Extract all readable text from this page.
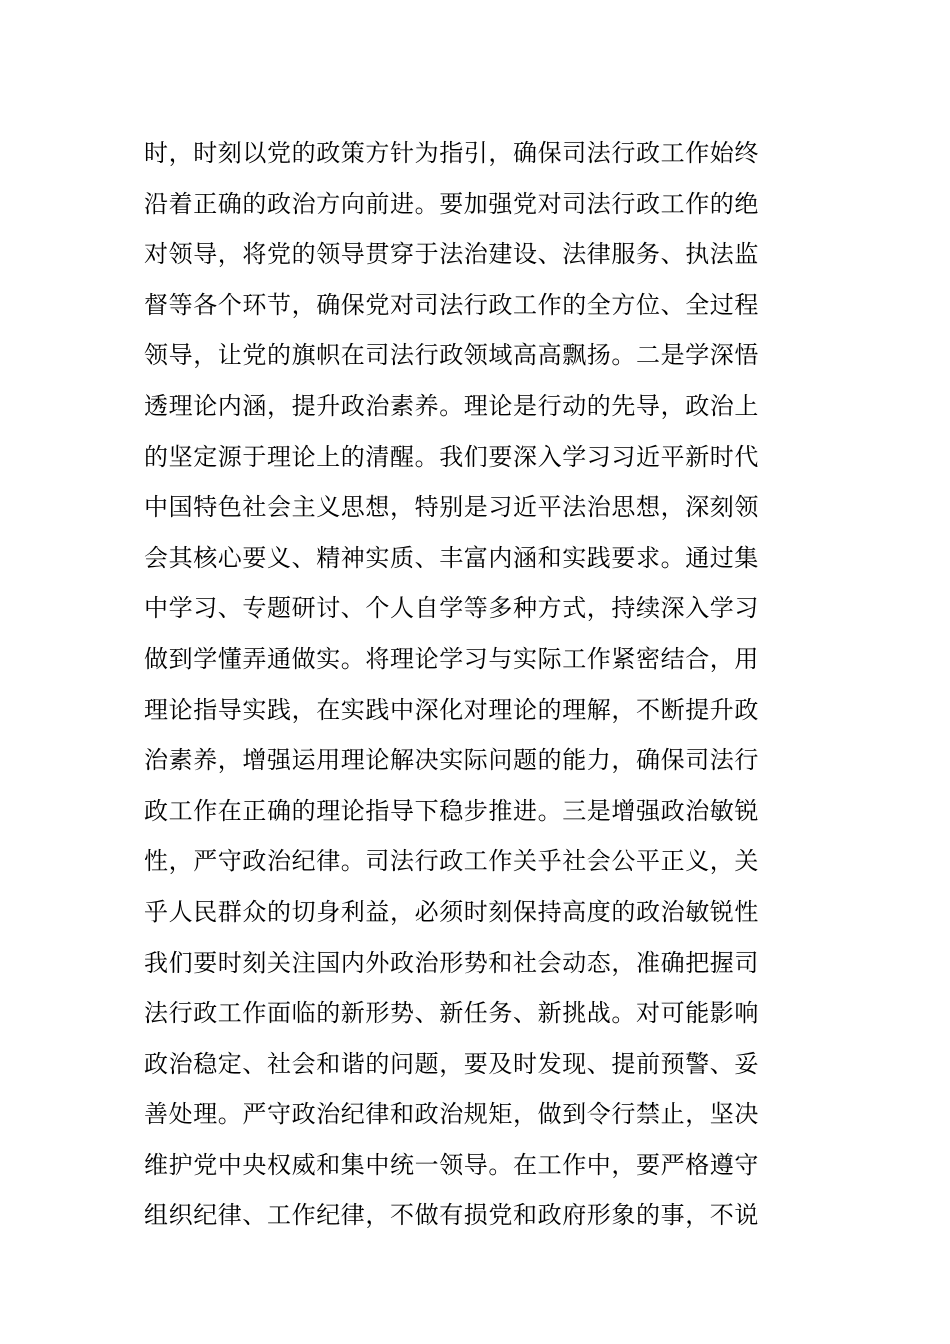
时，时刻以党的政策方针为指引，确保司法行政工作始终
沿着正确的政治方向前进。要加强党对司法行政工作的绝
对领导，将党的领导贯穿于法治建设、法律服务、执法监
督等各个环节，确保党对司法行政工作的全方位、全过程
领导，让党的旗帜在司法行政领域高高飘扬。二是学深悟
透理论内涵，提升政治素养。理论是行动的先导，政治上
的坚定源于理论上的清醒。我们要深入学习习近平新时代
中国特色社会主义思想，特别是习近平法治思想，深刻领
会其核心要义、精神实质、丰富内涵和实践要求。通过集
中学习、专题研讨、个人自学等多种方式，持续深入学习
做到学懂弄通做实。将理论学习与实际工作紧密结合，用
理论指导实践，在实践中深化对理论的理解，不断提升政
治素养，增强运用理论解决实际问题的能力，确保司法行
政工作在正确的理论指导下稳步推进。三是增强政治敏锐
性，严守政治纪律。司法行政工作关乎社会公平正义，关
乎人民群众的切身利益，必须时刻保持高度的政治敏锐性
我们要时刻关注国内外政治形势和社会动态，准确把握司
法行政工作面临的新形势、新任务、新挑战。对可能影响
政治稳定、社会和谐的问题，要及时发现、提前预警、妥
善处理。严守政治纪律和政治规矩，做到令行禁止，坚决
维护党中央权威和集中统一领导。在工作中，要严格遵守
组织纪律、工作纪律，不做有损党和政府形象的事，不说
